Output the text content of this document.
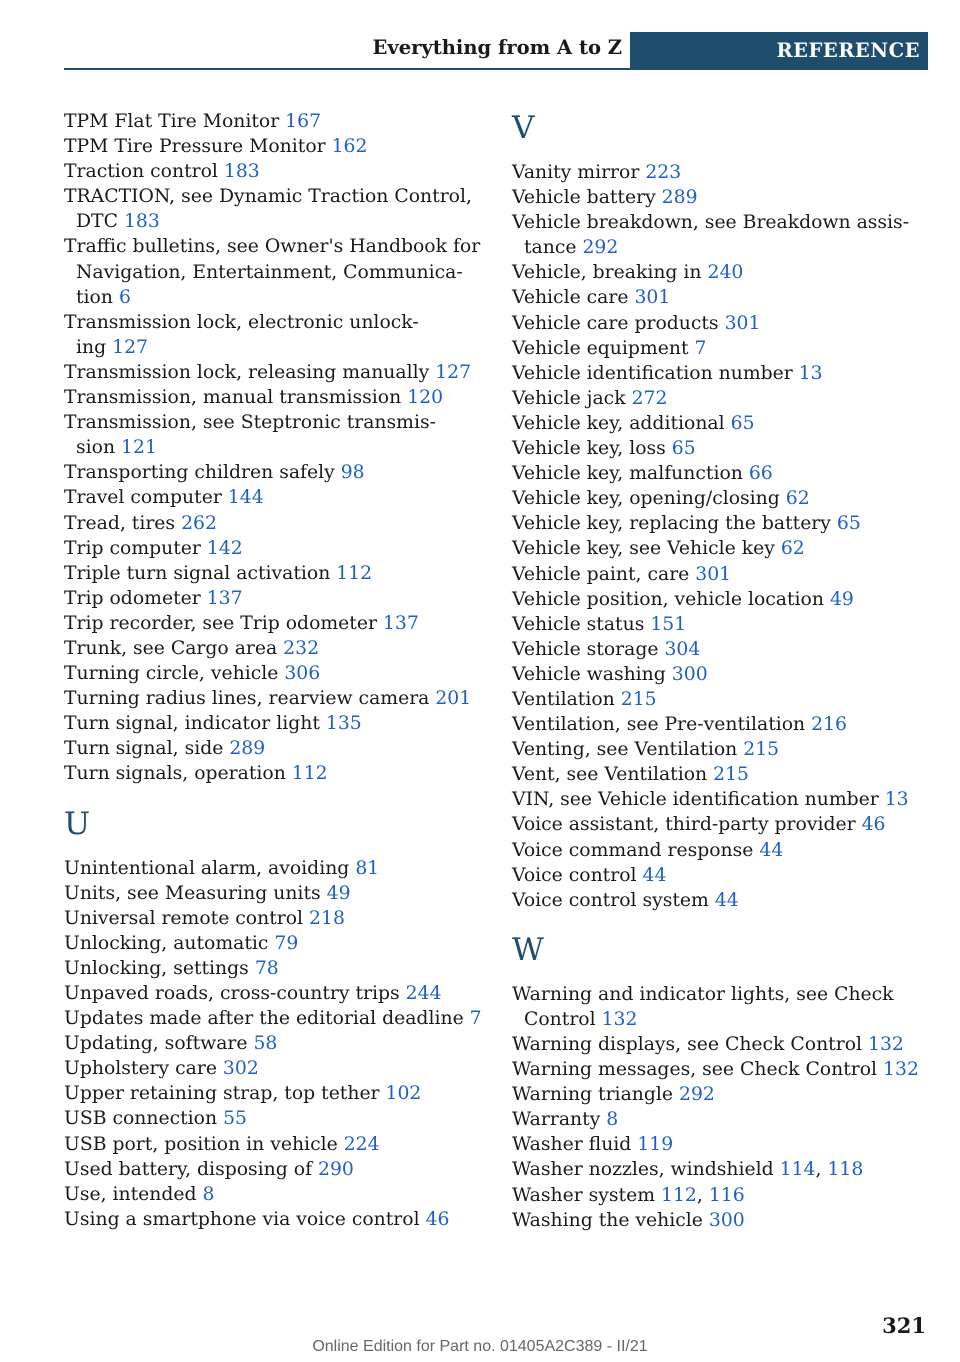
Everything from A to Z	REFERENCE
TPM Flat Tire Monitor 167
TPM Tire Pressure Monitor 162
Traction control 183
TRACTION, see Dynamic Traction Control,
DTC 183
Traffic bulletins, see Owner's Handbook for
Navigation, Entertainment, Communica-
tion 6
Transmission lock, electronic unlock-
ing 127
Transmission lock, releasing manually 127
Transmission, manual transmission 120
Transmission, see Steptronic transmis-
sion 121
Transporting children safely 98
Travel computer 144
Tread, tires 262
Trip computer 142
Triple turn signal activation 112
Trip odometer 137
Trip recorder, see Trip odometer 137
Trunk, see Cargo area 232
Turning circle, vehicle 306
Turning radius lines, rearview camera 201
Turn signal, indicator light 135
Turn signal, side 289
Turn signals, operation 112
U
Unintentional alarm, avoiding 81
Units, see Measuring units 49
Universal remote control 218
Unlocking, automatic 79
Unlocking, settings 78
Unpaved roads, cross-country trips 244
Updates made after the editorial deadline 7
Updating, software 58
Upholstery care 302
Upper retaining strap, top tether 102
USB connection 55
USB port, position in vehicle 224
Used battery, disposing of 290
Use, intended 8
Using a smartphone via voice control 46
V
Vanity mirror 223
Vehicle battery 289
Vehicle breakdown, see Breakdown assis-
tance 292
Vehicle, breaking in 240
Vehicle care 301
Vehicle care products 301
Vehicle equipment 7
Vehicle identification number 13
Vehicle jack 272
Vehicle key, additional 65
Vehicle key, loss 65
Vehicle key, malfunction 66
Vehicle key, opening/closing 62
Vehicle key, replacing the battery 65
Vehicle key, see Vehicle key 62
Vehicle paint, care 301
Vehicle position, vehicle location 49
Vehicle status 151
Vehicle storage 304
Vehicle washing 300
Ventilation 215
Ventilation, see Pre-ventilation 216
Venting, see Ventilation 215
Vent, see Ventilation 215
VIN, see Vehicle identification number 13
Voice assistant, third-party provider 46
Voice command response 44
Voice control 44
Voice control system 44
W
Warning and indicator lights, see Check
Control 132
Warning displays, see Check Control 132
Warning messages, see Check Control 132
Warning triangle 292
Warranty 8
Washer fluid 119
Washer nozzles, windshield 114, 118
Washer system 112, 116
Washing the vehicle 300
321
Online Edition for Part no. 01405A2C389 - II/21
